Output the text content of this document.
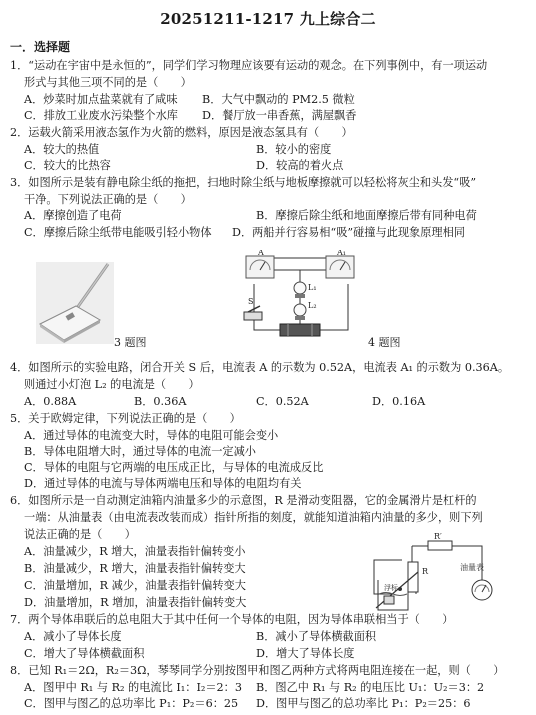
20251211-1217 九上综合二
一．选择题
1．“运动在宇宙中是永恒的”，同学们学习物理应该要有运动的观念。在下列事例中，有一项运动
形式与其他三项不同的是（　　）
A．炒菜时加点盐菜就有了咸味 B．大气中飘动的 PM2.5 微粒
C．排放工业废水污染整个水库 D．餐厅放一串香蕉，满屋飘香
2．运载火箭采用液态氢作为火箭的燃料，原因是液态氢具有（　　）
A．较大的热值	B．较小的密度
C．较大的比热容	D．较高的着火点
3．如图所示是装有静电除尘纸的拖把，扫地时除尘纸与地板摩擦就可以轻松将灰尘和头发“吸”
干净。下列说法正确的是（　　）
A．摩擦创造了电荷	B．摩擦后除尘纸和地面摩擦后带有同种电荷
C．摩擦后除尘纸带电能吸引轻小物体 D．两船并行容易相“吸”碰撞与此现象原理相同
3 题图
A	A₁
L₁
L₂
S
4 题图
4．如图所示的实验电路，闭合开关 S 后，电流表 A 的示数为 0.52A，电流表 A₁ 的示数为 0.36A。
则通过小灯泡 L₂ 的电流是（　　）
A．0.88A	B．0.36A	C．0.52A	D．0.16A
5．关于欧姆定律，下列说法正确的是（　　）
A．通过导体的电流变大时，导体的电阻可能会变小
B．导体电阻增大时，通过导体的电流一定减小
C．导体的电阻与它两端的电压成正比，与导体的电流成反比
D．通过导体的电流与导体两端电压和导体的电阻均有关
6．如图所示是一自动测定油箱内油量多少的示意图，R 是滑动变阻器，它的金属滑片是杠杆的
一端：从油量表（由电流表改装而成）指针所指的刻度，就能知道油箱内油量的多少，则下列
说法正确的是（　　）
A．油量减少，R 增大，油量表指针偏转变小
B．油量减少，R 增大，油量表指针偏转变大
C．油量增加，R 减少，油量表指针偏转变大
D．油量增加，R 增加，油量表指针偏转变大
R′
R
浮标
油量表
7．两个导体串联后的总电阻大于其中任何一个导体的电阻，因为导体串联相当于（　　）
A．减小了导体长度	B．减小了导体横截面积
C．增大了导体横截面积	D．增大了导体长度
8．已知 R₁＝2Ω，R₂＝3Ω，琴琴同学分别按图甲和图乙两种方式将两电阻连接在一起，则（　　）
A．图甲中 R₁ 与 R₂ 的电流比 I₁：I₂＝2：3 B．图乙中 R₁ 与 R₂ 的电压比 U₁：U₂＝3：2
C．图甲与图乙的总功率比 P₁：P₂＝6：25 D．图甲与图乙的总功率比 P₁：P₂＝25：6
